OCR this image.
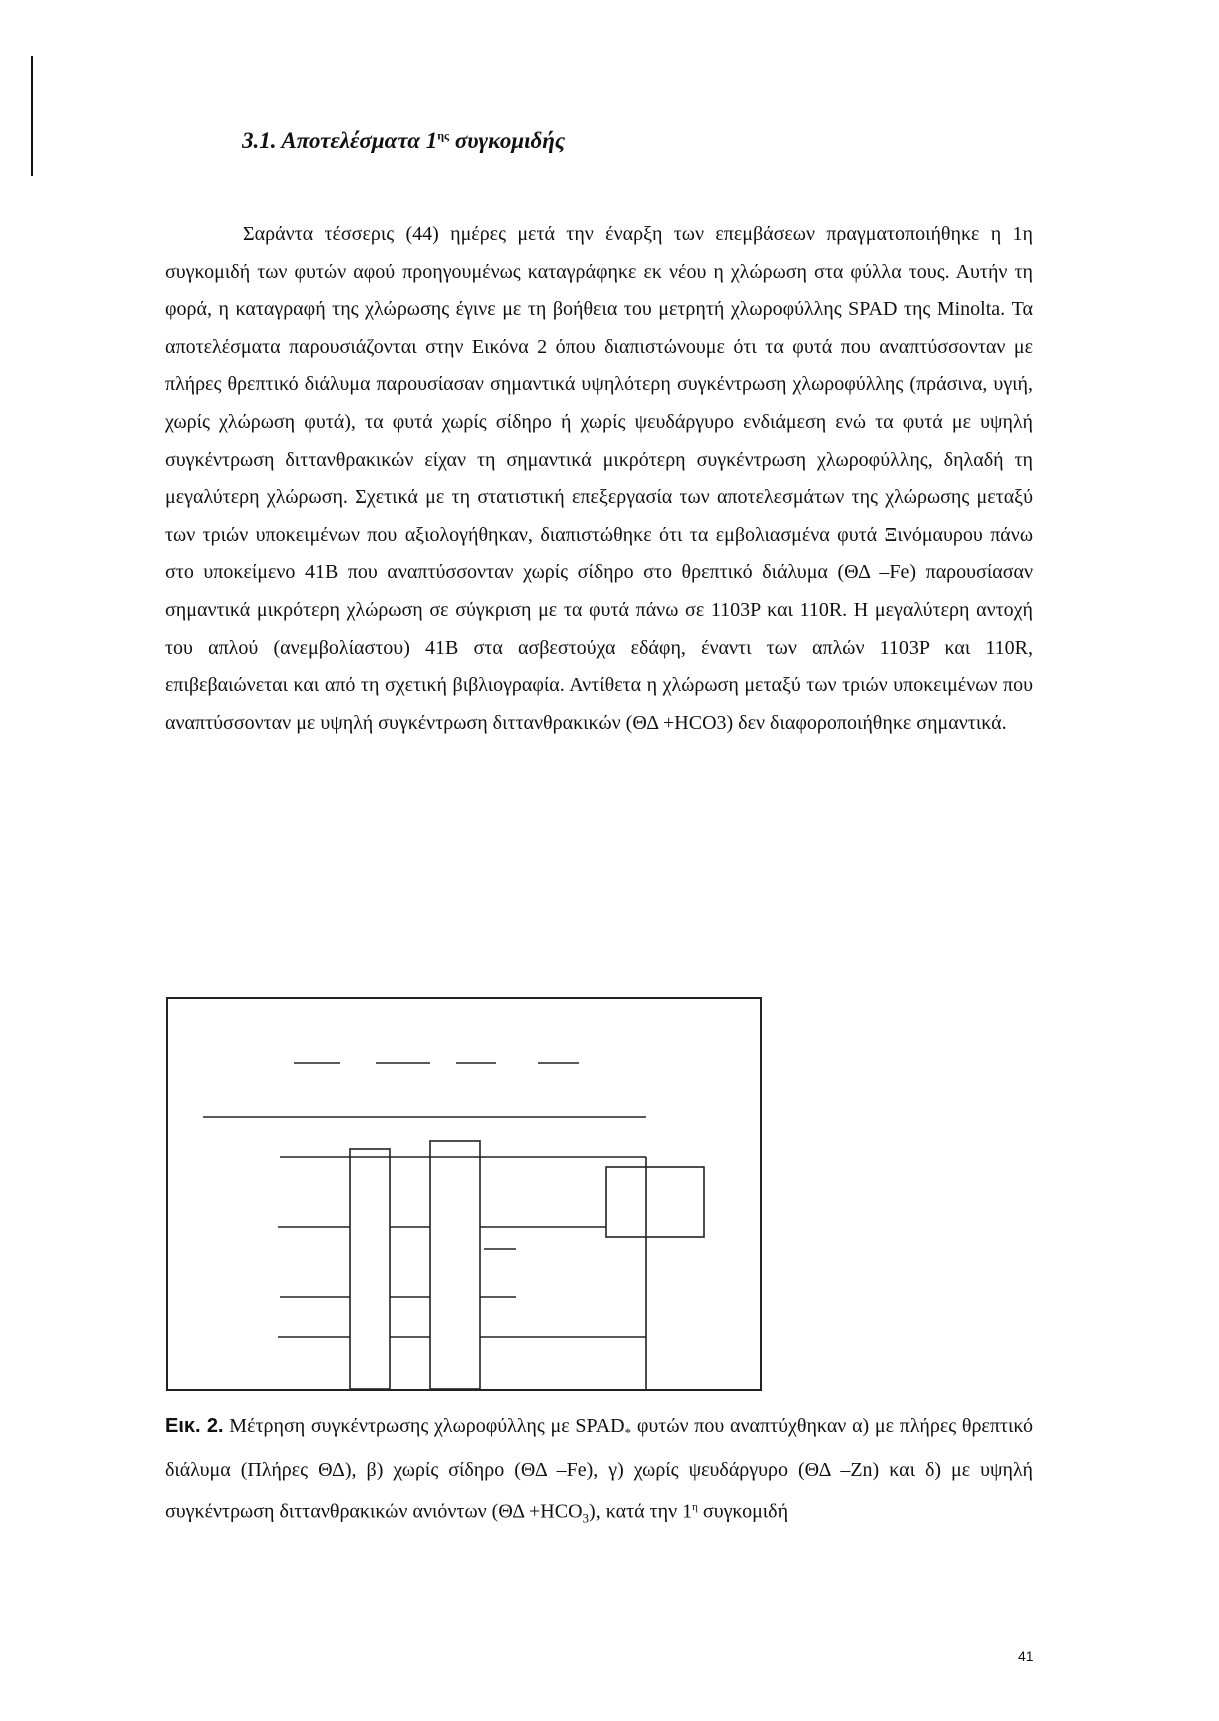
3.1. Αποτελέσματα $1^{\eta\varsigma}$ συγκομιδής

Σαράντα τέσσερις (44) ημέρες μετά την έναρξη των επεμβάσεων πραγματοποιήθηκε η 1η συγκομιδή των φυτών αφού προηγουμένως καταγράφηκε εκ νέου η χλώρωση στα φύλλα τους. Αυτήν τη φορά, η καταγραφή της χλώρωσης έγινε με τη βοήθεια του μετρητή χλωροφύλλης SPAD της Minolta. Τα αποτελέσματα παρουσιάζονται στην Εικόνα 2 όπου διαπιστώνουμε ότι τα φυτά που αναπτύσσονταν με πλήρες θρεπτικό διάλυμα παρουσίασαν σημαντικά υψηλότερη συγκέντρωση χλωροφύλλης (πράσινα, υγιή, χωρίς χλώρωση φυτά), τα φυτά χωρίς σίδηρο ή χωρίς ψευδάργυρο ενδιάμεση ενώ τα φυτά με υψηλή συγκέντρωση διττανθρακικών είχαν τη σημαντικά μικρότερη συγκέντρωση χλωροφύλλης, δηλαδή τη μεγαλύτερη χλώρωση. Σχετικά με τη στατιστική επεξεργασία των αποτελεσμάτων της χλώρωσης μεταξύ των τριών υποκειμένων που αξιολογήθηκαν, διαπιστώθηκε ότι τα εμβολιασμένα φυτά Ξινόμαυρου πάνω στο υποκείμενο 41Β που αναπτύσσονταν χωρίς σίδηρο στο θρεπτικό διάλυμα (ΘΔ –Fe) παρουσίασαν σημαντικά μικρότερη χλώρωση σε σύγκριση με τα φυτά πάνω σε 1103P και 110R. Η μεγαλύτερη αντοχή του απλού (ανεμβολίαστου) 41Β στα ασβεστούχα εδάφη, έναντι των απλών 1103P και 110R, επιβεβαιώνεται και από τη σχετική βιβλιογραφία. Αντίθετα η χλώρωση μεταξύ των τριών υποκειμένων που αναπτύσσονταν με υψηλή συγκέντρωση διττανθρακικών (ΘΔ +HCO3) δεν διαφοροποιήθηκε σημαντικά.

Εικ. 2. Μέτρηση συγκέντρωσης χλωροφύλλης με $SPAD_*$ φυτών που αναπτύχθηκαν α) με πλήρες θρεπτικό διάλυμα (Πλήρες ΘΔ), β) χωρίς σίδηρο (ΘΔ –Fe), γ) χωρίς ψευδάργυρο (ΘΔ –Zn) και δ) με υψηλή συγκέντρωση διττανθρακικών ανιόντων $(\Theta\Delta +HCO_3)$, κατά την $1^\eta$ συγκομιδή

41
